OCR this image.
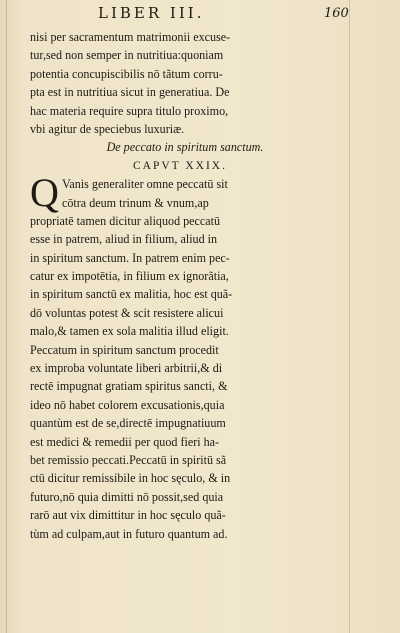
LIBER III.	160
nisi per sacramentum matrimonii excuse-
tur,sed non semper in nutritiua:quoniam
potentia concupiscibilis nō tãtum corru-
pta est in nutritiua sicut in generatiua. De
hac materia require supra titulo proximo,
vbi agitur de speciebus luxuriæ.
De peccato in spiritum sanctum.
CAPVT XXIX.
Q Vanis generaliter omne peccatū sit
cōtra deum trinum & vnum,ap
propriatē tamen dicitur aliquod peccatū
esse in patrem, aliud in filium, aliud in
in spiritum sanctum. In patrem enim pec-
catur ex impotētia, in filium ex ignorãtia,
in spiritum sanctū ex malitia, hoc est quã-
dō voluntas potest & scit resistere alicui
malo,& tamen ex sola malitia illud eligit.
Peccatum in spiritum sanctum procedit
ex improba voluntate liberi arbitrii,& di
rectē impugnat gratiam spiritus sancti, &
ideo nō habet colorem excusationis,quia
quantùm est de se,directē impugnatiuum
est medici & remedii per quod fieri ha-
bet remissio peccati.Peccatū in spiritū sã
ctū dicitur remissibile in hoc sęculo, & in
futuro,nō quia dimitti nō possit,sed quia
rarō aut vix dimittitur in hoc sęculo quã-
tùm ad culpam,aut in futuro quantum ad.
